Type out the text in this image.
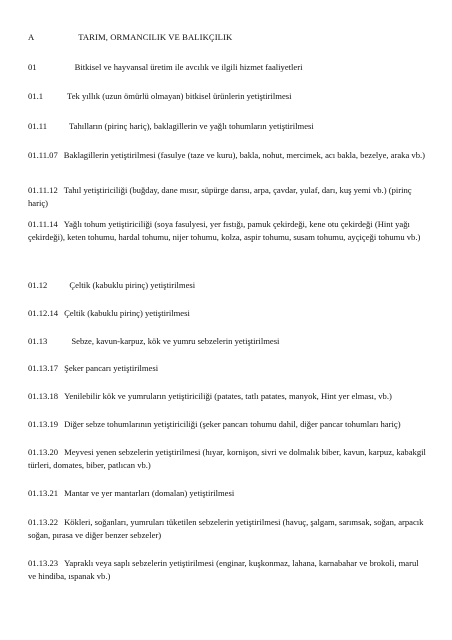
A	TARIM, ORMANCILIK VE BALIKÇILIK
01	Bitkisel ve hayvansal üretim ile avcılık ve ilgili hizmet faaliyetleri
01.1	Tek yıllık (uzun ömürlü olmayan) bitkisel ürünlerin yetiştirilmesi
01.11	Tahılların (pirinç hariç), baklagillerin ve yağlı tohumların yetiştirilmesi
01.11.07 Baklagillerin yetiştirilmesi (fasulye (taze ve kuru), bakla, nohut, mercimek, acı bakla, bezelye, araka vb.)
01.11.12 Tahıl yetiştiriciliği (buğday, dane mısır, süpürge darısı, arpa, çavdar, yulaf, darı, kuş yemi vb.) (pirinç hariç)
01.11.14 Yağlı tohum yetiştiriciliği (soya fasulyesi, yer fıstığı, pamuk çekirdeği, kene otu çekirdeği (Hint yağı çekirdeği), keten tohumu, hardal tohumu, nijer tohumu, kolza, aspir tohumu, susam tohumu, ayçiçeği tohumu vb.)
01.12	Çeltik (kabuklu pirinç) yetiştirilmesi
01.12.14 Çeltik (kabuklu pirinç) yetiştirilmesi
01.13	Sebze, kavun-karpuz, kök ve yumru sebzelerin yetiştirilmesi
01.13.17 Şeker pancarı yetiştirilmesi
01.13.18 Yenilebilir kök ve yumruların yetiştiriciliği (patates, tatlı patates, manyok, Hint yer elması, vb.)
01.13.19 Diğer sebze tohumlarının yetiştiriciliği (şeker pancarı tohumu dahil, diğer pancar tohumları hariç)
01.13.20 Meyvesi yenen sebzelerin yetiştirilmesi (hıyar, kornişon, sivri ve dolmalık biber, kavun, karpuz, kabakgil türleri, domates, biber, patlıcan vb.)
01.13.21 Mantar ve yer mantarları (domalan) yetiştirilmesi
01.13.22 Kökleri, soğanları, yumruları tüketilen sebzelerin yetiştirilmesi (havuç, şalgam, sarımsak, soğan, arpacık soğan, pırasa ve diğer benzer sebzeler)
01.13.23 Yapraklı veya saplı sebzelerin yetiştirilmesi (enginar, kuşkonmaz, lahana, karnabahar ve brokoli, marul ve hindiba, ıspanak vb.)
